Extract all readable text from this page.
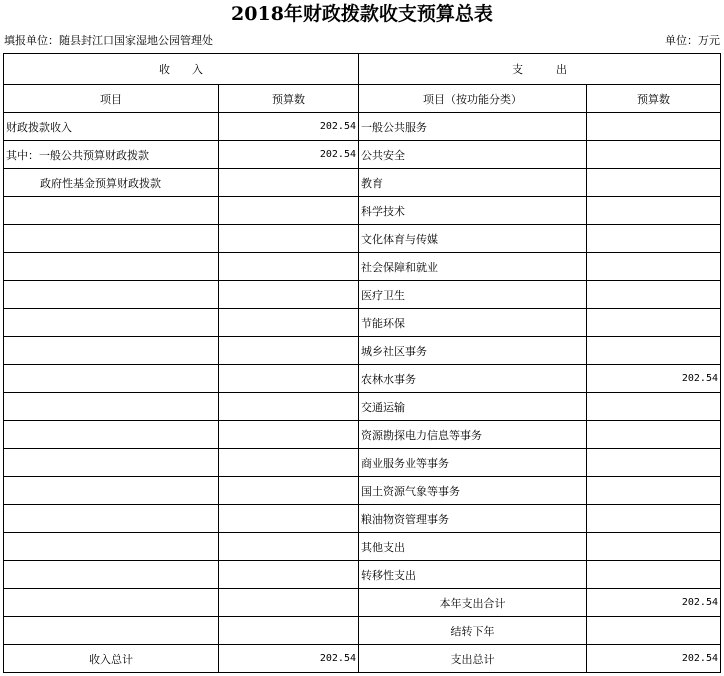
2018年财政拨款收支预算总表
填报单位：随县封江口国家湿地公园管理处	单位：万元
收　　入		支　　　出	
项目	预算数	项目（按功能分类）	预算数
财政拨款收入	202.54	一般公共服务	
其中：一般公共预算财政拨款	202.54	公共安全	
政府性基金预算财政拨款		教育	
		科学技术	
		文化体育与传媒	
		社会保障和就业	
		医疗卫生	
		节能环保	
		城乡社区事务	
		农林水事务	202.54
		交通运输	
		资源勘探电力信息等事务	
		商业服务业等事务	
		国土资源气象等事务	
		粮油物资管理事务	
		其他支出	
		转移性支出	
		本年支出合计	202.54
		结转下年	
收入总计	202.54	支出总计	202.54
